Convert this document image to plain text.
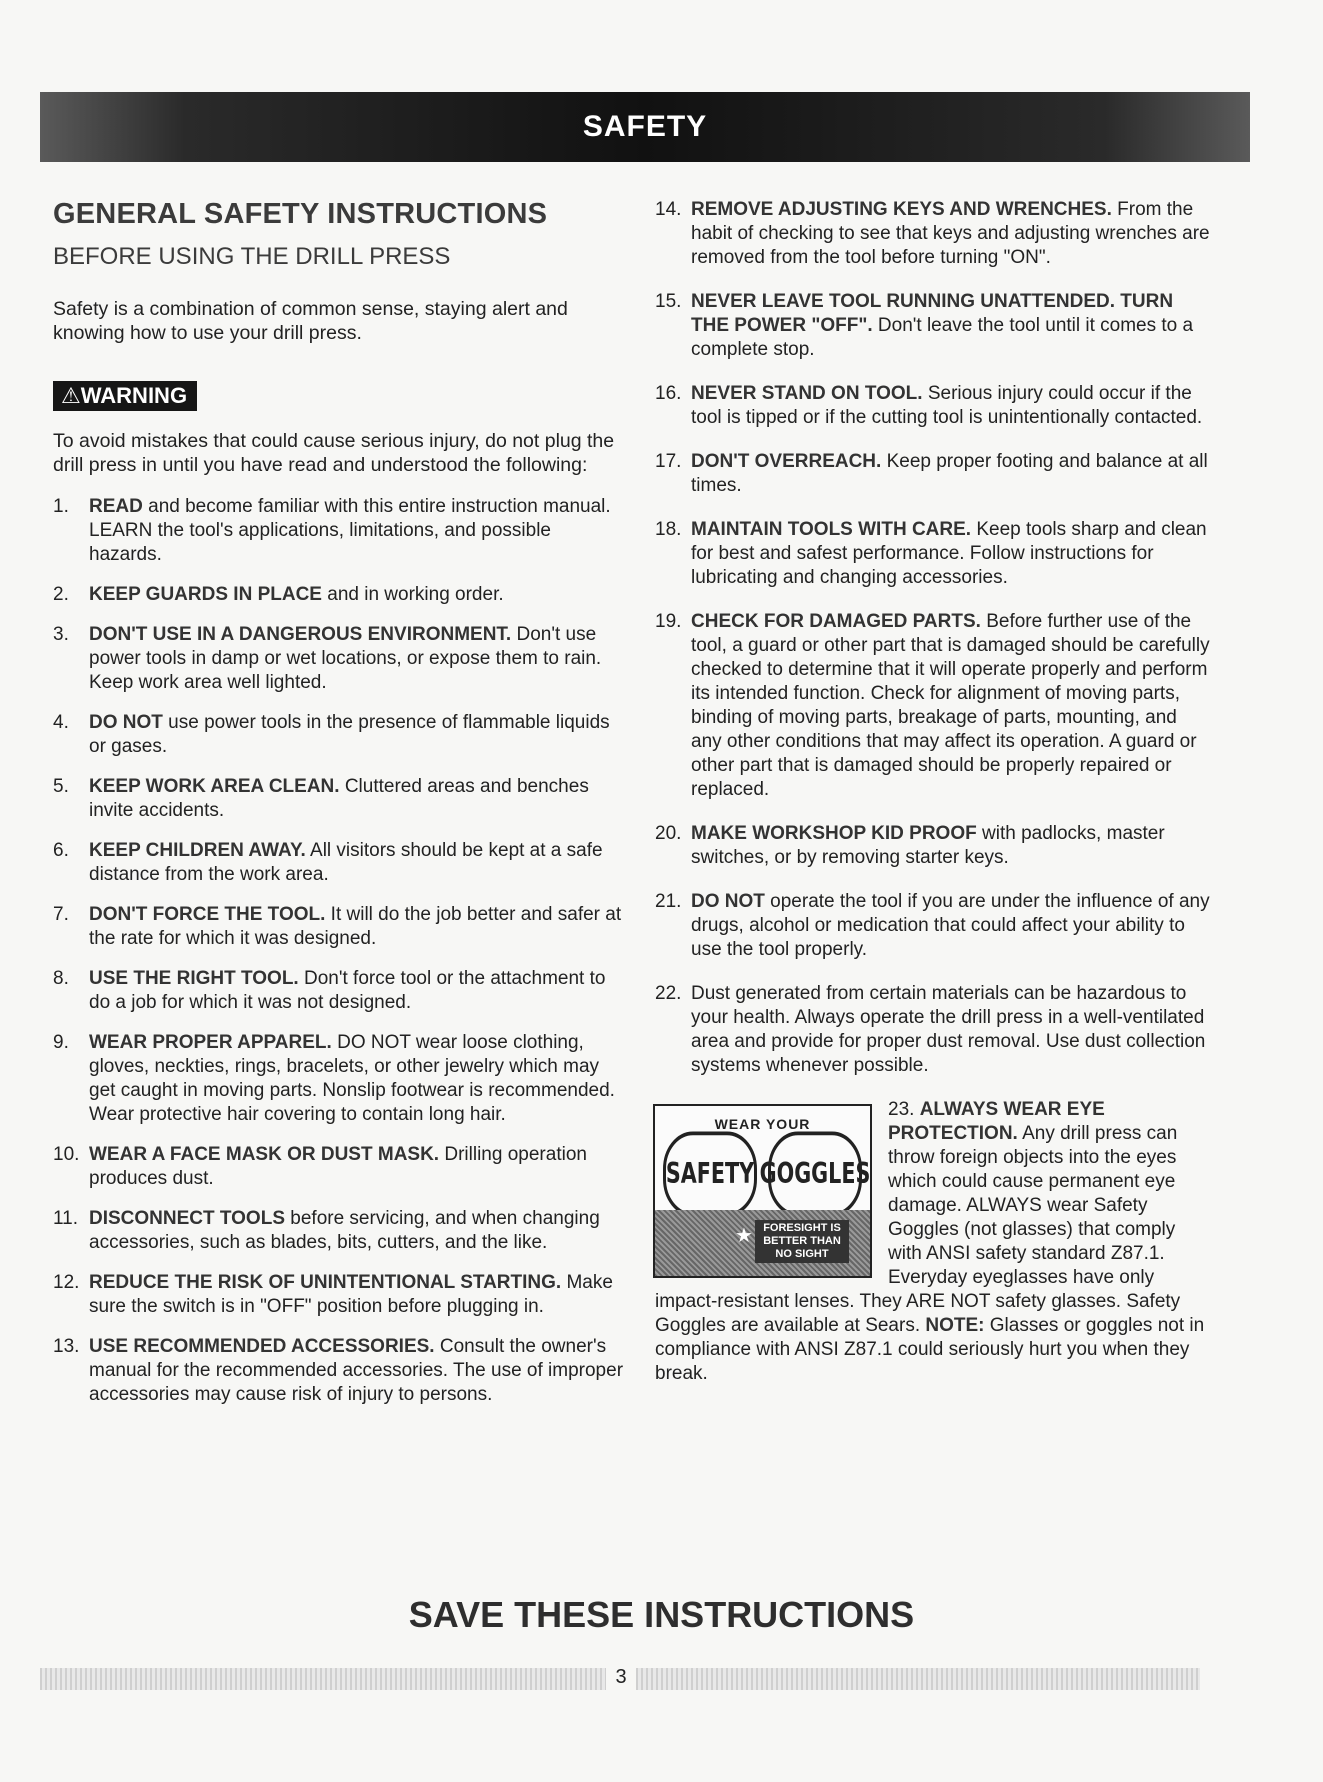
SAFETY
GENERAL SAFETY INSTRUCTIONS
BEFORE USING THE DRILL PRESS

Safety is a combination of common sense, staying alert and knowing how to use your drill press.

⚠WARNING

To avoid mistakes that could cause serious injury, do not plug the drill press in until you have read and understood the following:

1. READ and become familiar with this entire instruction manual. LEARN the tool's applications, limitations, and possible hazards.
2. KEEP GUARDS IN PLACE and in working order.
3. DON'T USE IN A DANGEROUS ENVIRONMENT. Don't use power tools in damp or wet locations, or expose them to rain. Keep work area well lighted.
4. DO NOT use power tools in the presence of flammable liquids or gases.
5. KEEP WORK AREA CLEAN. Cluttered areas and benches invite accidents.
6. KEEP CHILDREN AWAY. All visitors should be kept at a safe distance from the work area.
7. DON'T FORCE THE TOOL. It will do the job better and safer at the rate for which it was designed.
8. USE THE RIGHT TOOL. Don't force tool or the attachment to do a job for which it was not designed.
9. WEAR PROPER APPAREL. DO NOT wear loose clothing, gloves, neckties, rings, bracelets, or other jewelry which may get caught in moving parts. Nonslip footwear is recommended. Wear protective hair covering to contain long hair.
10. WEAR A FACE MASK OR DUST MASK. Drilling operation produces dust.
11. DISCONNECT TOOLS before servicing, and when changing accessories, such as blades, bits, cutters, and the like.
12. REDUCE THE RISK OF UNINTENTIONAL STARTING. Make sure the switch is in "OFF" position before plugging in.
13. USE RECOMMENDED ACCESSORIES. Consult the owner's manual for the recommended accessories. The use of improper accessories may cause risk of injury to persons.
14. REMOVE ADJUSTING KEYS AND WRENCHES. From the habit of checking to see that keys and adjusting wrenches are removed from the tool before turning "ON".
15. NEVER LEAVE TOOL RUNNING UNATTENDED. TURN THE POWER "OFF". Don't leave the tool until it comes to a complete stop.
16. NEVER STAND ON TOOL. Serious injury could occur if the tool is tipped or if the cutting tool is unintentionally contacted.
17. DON'T OVERREACH. Keep proper footing and balance at all times.
18. MAINTAIN TOOLS WITH CARE. Keep tools sharp and clean for best and safest performance. Follow instructions for lubricating and changing accessories.
19. CHECK FOR DAMAGED PARTS. Before further use of the tool, a guard or other part that is damaged should be carefully checked to determine that it will operate properly and perform its intended function. Check for alignment of moving parts, binding of moving parts, breakage of parts, mounting, and any other conditions that may affect its operation. A guard or other part that is damaged should be properly repaired or replaced.
20. MAKE WORKSHOP KID PROOF with padlocks, master switches, or by removing starter keys.
21. DO NOT operate the tool if you are under the influence of any drugs, alcohol or medication that could affect your ability to use the tool properly.
22. Dust generated from certain materials can be hazardous to your health. Always operate the drill press in a well-ventilated area and provide for proper dust removal. Use dust collection systems whenever possible.
WEAR YOUR
SAFETY GOGGLES
★ FORESIGHT IS BETTER THAN NO SIGHT
23. ALWAYS WEAR EYE PROTECTION. Any drill press can throw foreign objects into the eyes which could cause permanent eye damage. ALWAYS wear Safety Goggles (not glasses) that comply with ANSI safety standard Z87.1. Everyday eyeglasses have only impact-resistant lenses. They ARE NOT safety glasses. Safety Goggles are available at Sears. NOTE: Glasses or goggles not in compliance with ANSI Z87.1 could seriously hurt you when they break.
SAVE THESE INSTRUCTIONS
3
